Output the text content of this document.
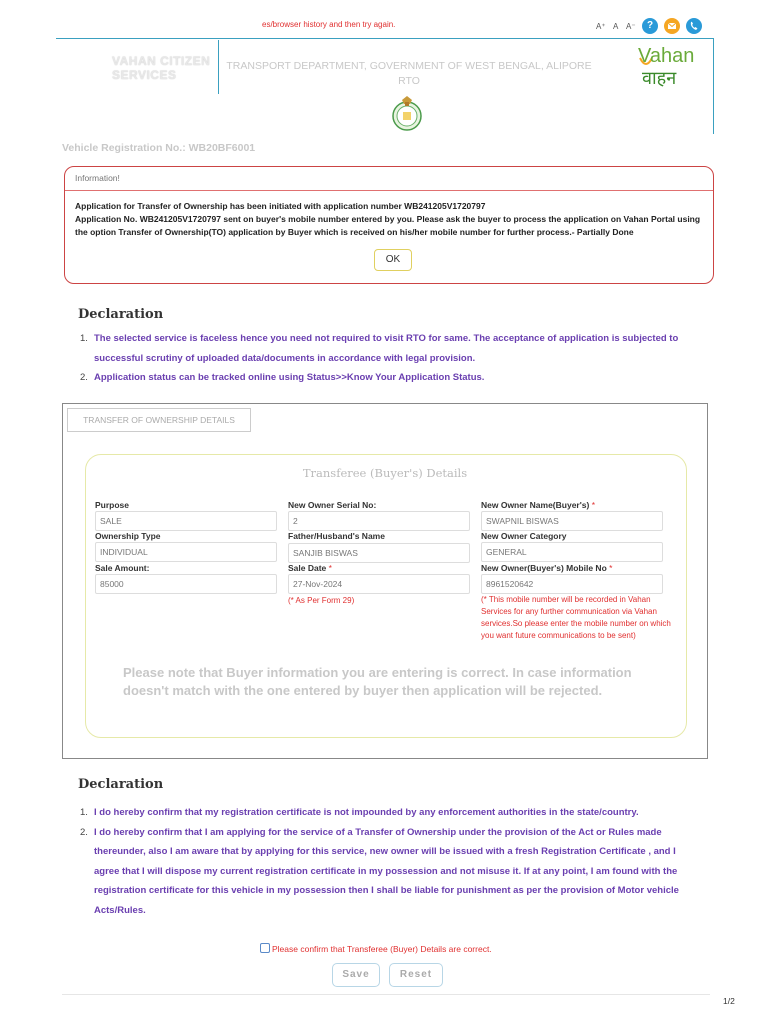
es/browser history and then try again.	A⁺ A A⁻	?
VAHAN CITIZEN
SERVICES
TRANSPORT DEPARTMENT, GOVERNMENT OF WEST BENGAL, ALIPORE RTO
Vahan
वाहन
Vehicle Registration No.: WB20BF6001
Information!
Application for Transfer of Ownership has been initiated with application number WB241205V1720797
Application No. WB241205V1720797 sent on buyer's mobile number entered by you. Please ask the buyer to process the application on Vahan Portal using the option Transfer of Ownership(TO) application by Buyer which is received on his/her mobile number for further process.- Partially Done
OK
Declaration
1. The selected service is faceless hence you need not required to visit RTO for same. The acceptance of application is subjected to successful scrutiny of uploaded data/documents in accordance with legal provision.
2. Application status can be tracked online using Status>>Know Your Application Status.
TRANSFER OF OWNERSHIP DETAILS
Transferee (Buyer's) Details
Purpose
SALE
New Owner Serial No:
2
New Owner Name(Buyer's) *
SWAPNIL BISWAS
Ownership Type
INDIVIDUAL
Father/Husband's Name
SANJIB BISWAS
New Owner Category
GENERAL
Sale Amount:
85000
Sale Date *
27-Nov-2024
(* As Per Form 29)
New Owner(Buyer's) Mobile No *
8961520642
(* This mobile number will be recorded in Vahan Services for any further communication via Vahan services.So please enter the mobile number on which you want future communications to be sent)
Please note that Buyer information you are entering is correct. In case information doesn't match with the one entered by buyer then application will be rejected.
Declaration
1. I do hereby confirm that my registration certificate is not impounded by any enforcement authorities in the state/country.
2. I do hereby confirm that I am applying for the service of a Transfer of Ownership under the provision of the Act or Rules made thereunder, also I am aware that by applying for this service, new owner will be issued with a fresh Registration Certificate , and I agree that I will dispose my current registration certificate in my possession and not misuse it. If at any point, I am found with the registration certificate for this vehicle in my possession then I shall be liable for punishment as per the provision of Motor vehicle Acts/Rules.
Please confirm that Transferee (Buyer) Details are correct.
Save	Reset
1/2
